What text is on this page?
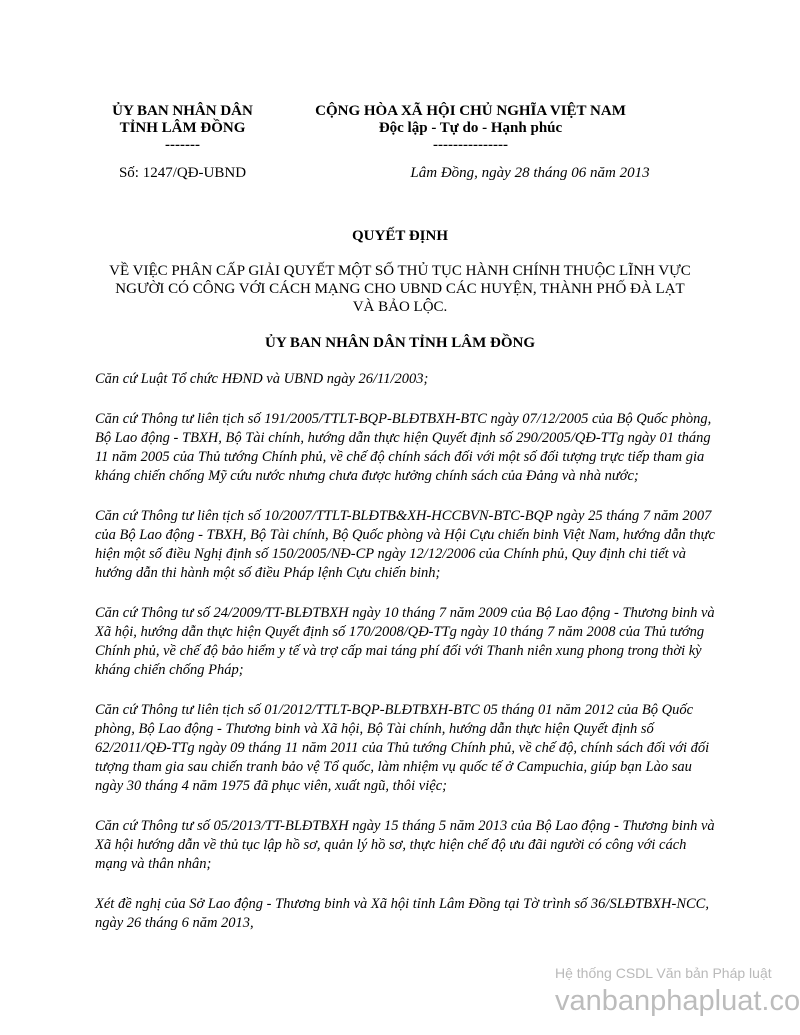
ỦY BAN NHÂN DÂN
TỈNH LÂM ĐỒNG
-------
CỘNG HÒA XÃ HỘI CHỦ NGHĨA VIỆT NAM
Độc lập - Tự do - Hạnh phúc
---------------
Số: 1247/QĐ-UBND	Lâm Đồng, ngày 28 tháng 06 năm 2013
QUYẾT ĐỊNH
VỀ VIỆC PHÂN CẤP GIẢI QUYẾT MỘT SỐ THỦ TỤC HÀNH CHÍNH THUỘC LĨNH VỰC
NGƯỜI CÓ CÔNG VỚI CÁCH MẠNG CHO UBND CÁC HUYỆN, THÀNH PHỐ ĐÀ LẠT
VÀ BẢO LỘC.
ỦY BAN NHÂN DÂN TỈNH LÂM ĐỒNG

Căn cứ Luật Tổ chức HĐND và UBND ngày 26/11/2003;

Căn cứ Thông tư liên tịch số 191/2005/TTLT-BQP-BLĐTBXH-BTC ngày 07/12/2005 của Bộ Quốc phòng, Bộ Lao động - TBXH, Bộ Tài chính, hướng dẫn thực hiện Quyết định số 290/2005/QĐ-TTg ngày 01 tháng 11 năm 2005 của Thủ tướng Chính phủ, về chế độ chính sách đối với một số đối tượng trực tiếp tham gia kháng chiến chống Mỹ cứu nước nhưng chưa được hưởng chính sách của Đảng và nhà nước;

Căn cứ Thông tư liên tịch số 10/2007/TTLT-BLĐTB&XH-HCCBVN-BTC-BQP ngày 25 tháng 7 năm 2007 của Bộ Lao động - TBXH, Bộ Tài chính, Bộ Quốc phòng và Hội Cựu chiến binh Việt Nam, hướng dẫn thực hiện một số điều Nghị định số 150/2005/NĐ-CP ngày 12/12/2006 của Chính phủ, Quy định chi tiết và hướng dẫn thi hành một số điều Pháp lệnh Cựu chiến binh;

Căn cứ Thông tư số 24/2009/TT-BLĐTBXH ngày 10 tháng 7 năm 2009 của Bộ Lao động - Thương binh và Xã hội, hướng dẫn thực hiện Quyết định số 170/2008/QĐ-TTg ngày 10 tháng 7 năm 2008 của Thủ tướng Chính phủ, về chế độ bảo hiểm y tế và trợ cấp mai táng phí đối với Thanh niên xung phong trong thời kỳ kháng chiến chống Pháp;

Căn cứ Thông tư liên tịch số 01/2012/TTLT-BQP-BLĐTBXH-BTC 05 tháng 01 năm 2012 của Bộ Quốc phòng, Bộ Lao động - Thương binh và Xã hội, Bộ Tài chính, hướng dẫn thực hiện Quyết định số 62/2011/QĐ-TTg ngày 09 tháng 11 năm 2011 của Thủ tướng Chính phủ, về chế độ, chính sách đối với đối tượng tham gia sau chiến tranh bảo vệ Tổ quốc, làm nhiệm vụ quốc tế ở Campuchia, giúp bạn Lào sau ngày 30 tháng 4 năm 1975 đã phục viên, xuất ngũ, thôi việc;

Căn cứ Thông tư số 05/2013/TT-BLĐTBXH ngày 15 tháng 5 năm 2013 của Bộ Lao động - Thương binh và Xã hội hướng dẫn về thủ tục lập hồ sơ, quản lý hồ sơ, thực hiện chế độ ưu đãi người có công với cách mạng và thân nhân;

Xét đề nghị của Sở Lao động - Thương binh và Xã hội tỉnh Lâm Đồng tại Tờ trình số 36/SLĐTBXH-NCC, ngày 26 tháng 6 năm 2013,

Hệ thống CSDL Văn bản Pháp luật
vanbanphapluat.co
